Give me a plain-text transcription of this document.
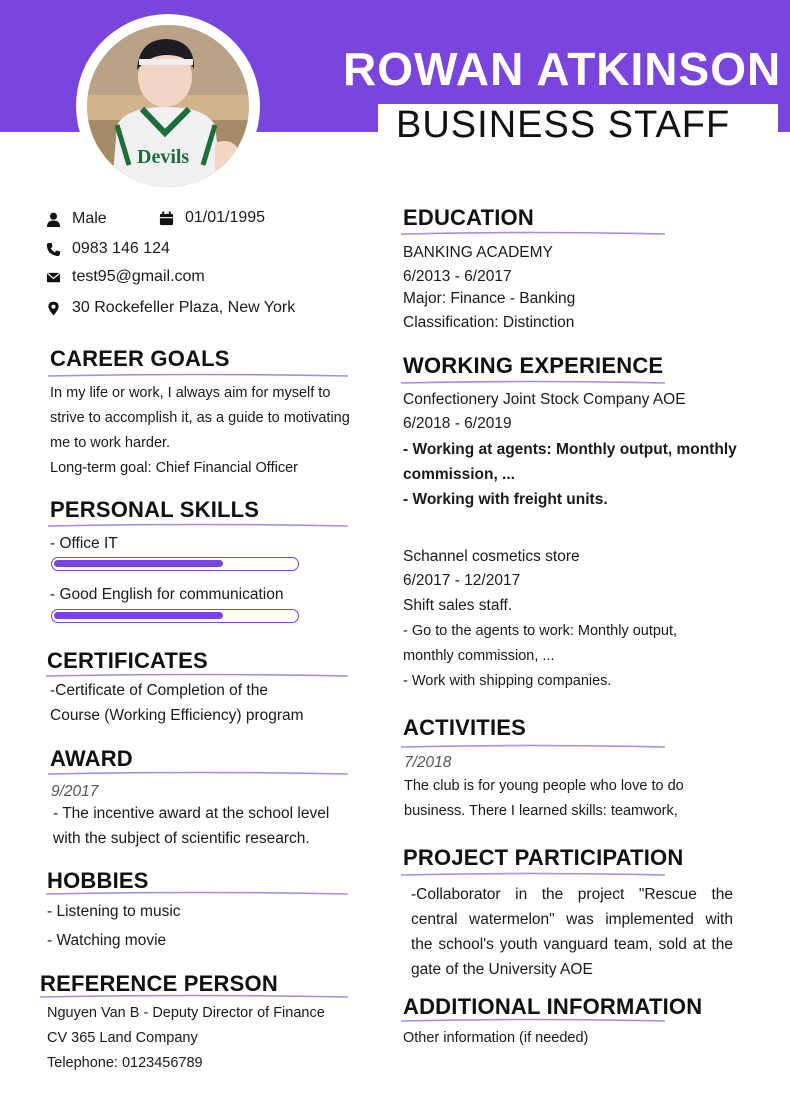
ROWAN ATKINSON
BUSINESS STAFF
Devils
Male	01/01/1995
0983 146 124
test95@gmail.com
30 Rockefeller Plaza, New York
CAREER GOALS
In my life or work, I always aim for myself to
strive to accomplish it, as a guide to motivating
me to work harder.
Long-term goal: Chief Financial Officer
PERSONAL SKILLS
- Office IT
- Good English for communication
CERTIFICATES
-Certificate of Completion of the
Course (Working Efficiency) program
AWARD
9/2017
- The incentive award at the school level
with the subject of scientific research.
HOBBIES
- Listening to music
- Watching movie
REFERENCE PERSON
Nguyen Van B - Deputy Director of Finance
CV 365 Land Company
Telephone: 0123456789
EDUCATION
BANKING ACADEMY
6/2013 - 6/2017
Major: Finance - Banking
Classification: Distinction
WORKING EXPERIENCE
Confectionery Joint Stock Company AOE
6/2018 - 6/2019
- Working at agents: Monthly output, monthly
commission, ...
- Working with freight units.
Schannel cosmetics store
6/2017 - 12/2017
Shift sales staff.
- Go to the agents to work: Monthly output,
monthly commission, ...
- Work with shipping companies.
ACTIVITIES
7/2018
The club is for young people who love to do
business. There I learned skills: teamwork,
PROJECT PARTICIPATION
-Collaborator in the project "Rescue the
central watermelon" was implemented with
the school's youth vanguard team, sold at the
gate of the University AOE
ADDITIONAL INFORMATION
Other information (if needed)
